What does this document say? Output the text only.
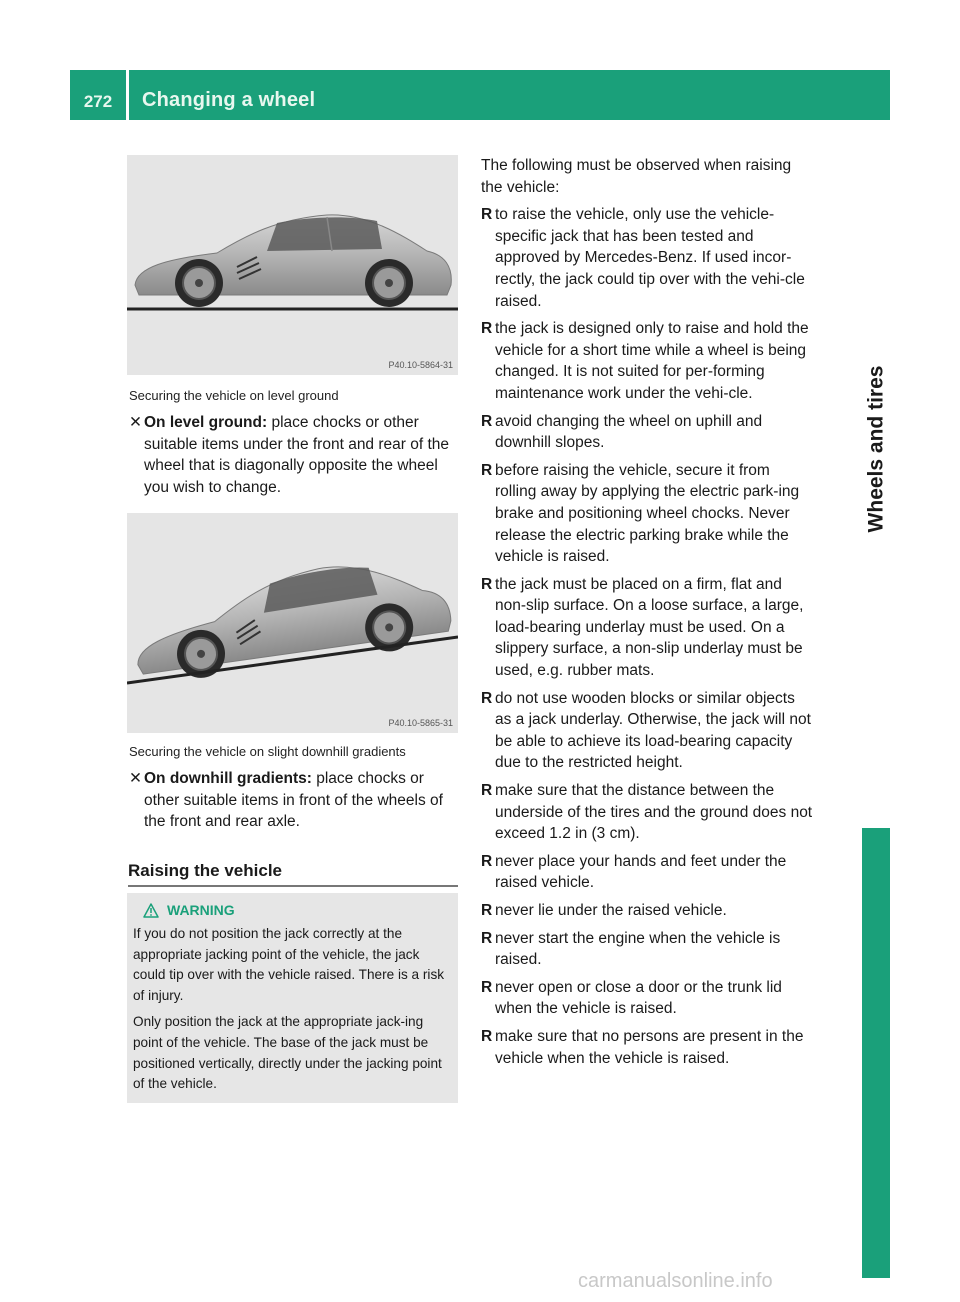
272 Changing a wheel
Wheels and tires
P40.10-5864-31
Securing the vehicle on level ground
✕ On level ground: place chocks or other suitable items under the front and rear of the wheel that is diagonally opposite the wheel you wish to change.
P40.10-5865-31
Securing the vehicle on slight downhill gradients
✕ On downhill gradients: place chocks or other suitable items in front of the wheels of the front and rear axle.
Raising the vehicle
WARNING

If you do not position the jack correctly at the appropriate jacking point of the vehicle, the jack could tip over with the vehicle raised. There is a risk of injury.

Only position the jack at the appropriate jack-ing point of the vehicle. The base of the jack must be positioned vertically, directly under the jacking point of the vehicle.

The following must be observed when raising the vehicle:

R to raise the vehicle, only use the vehicle-specific jack that has been tested and approved by Mercedes-Benz. If used incor-rectly, the jack could tip over with the vehi-cle raised.
R the jack is designed only to raise and hold the vehicle for a short time while a wheel is being changed. It is not suited for per-forming maintenance work under the vehi-cle.
R avoid changing the wheel on uphill and downhill slopes.
R before raising the vehicle, secure it from rolling away by applying the electric park-ing brake and positioning wheel chocks. Never release the electric parking brake while the vehicle is raised.
R the jack must be placed on a firm, flat and non-slip surface. On a loose surface, a large, load-bearing underlay must be used. On a slippery surface, a non-slip underlay must be used, e.g. rubber mats.
R do not use wooden blocks or similar objects as a jack underlay. Otherwise, the jack will not be able to achieve its load-bearing capacity due to the restricted height.
R make sure that the distance between the underside of the tires and the ground does not exceed 1.2 in (3 cm).
R never place your hands and feet under the raised vehicle.
R never lie under the raised vehicle.
R never start the engine when the vehicle is raised.
R never open or close a door or the trunk lid when the vehicle is raised.
R make sure that no persons are present in the vehicle when the vehicle is raised.
carmanualsonline.info
